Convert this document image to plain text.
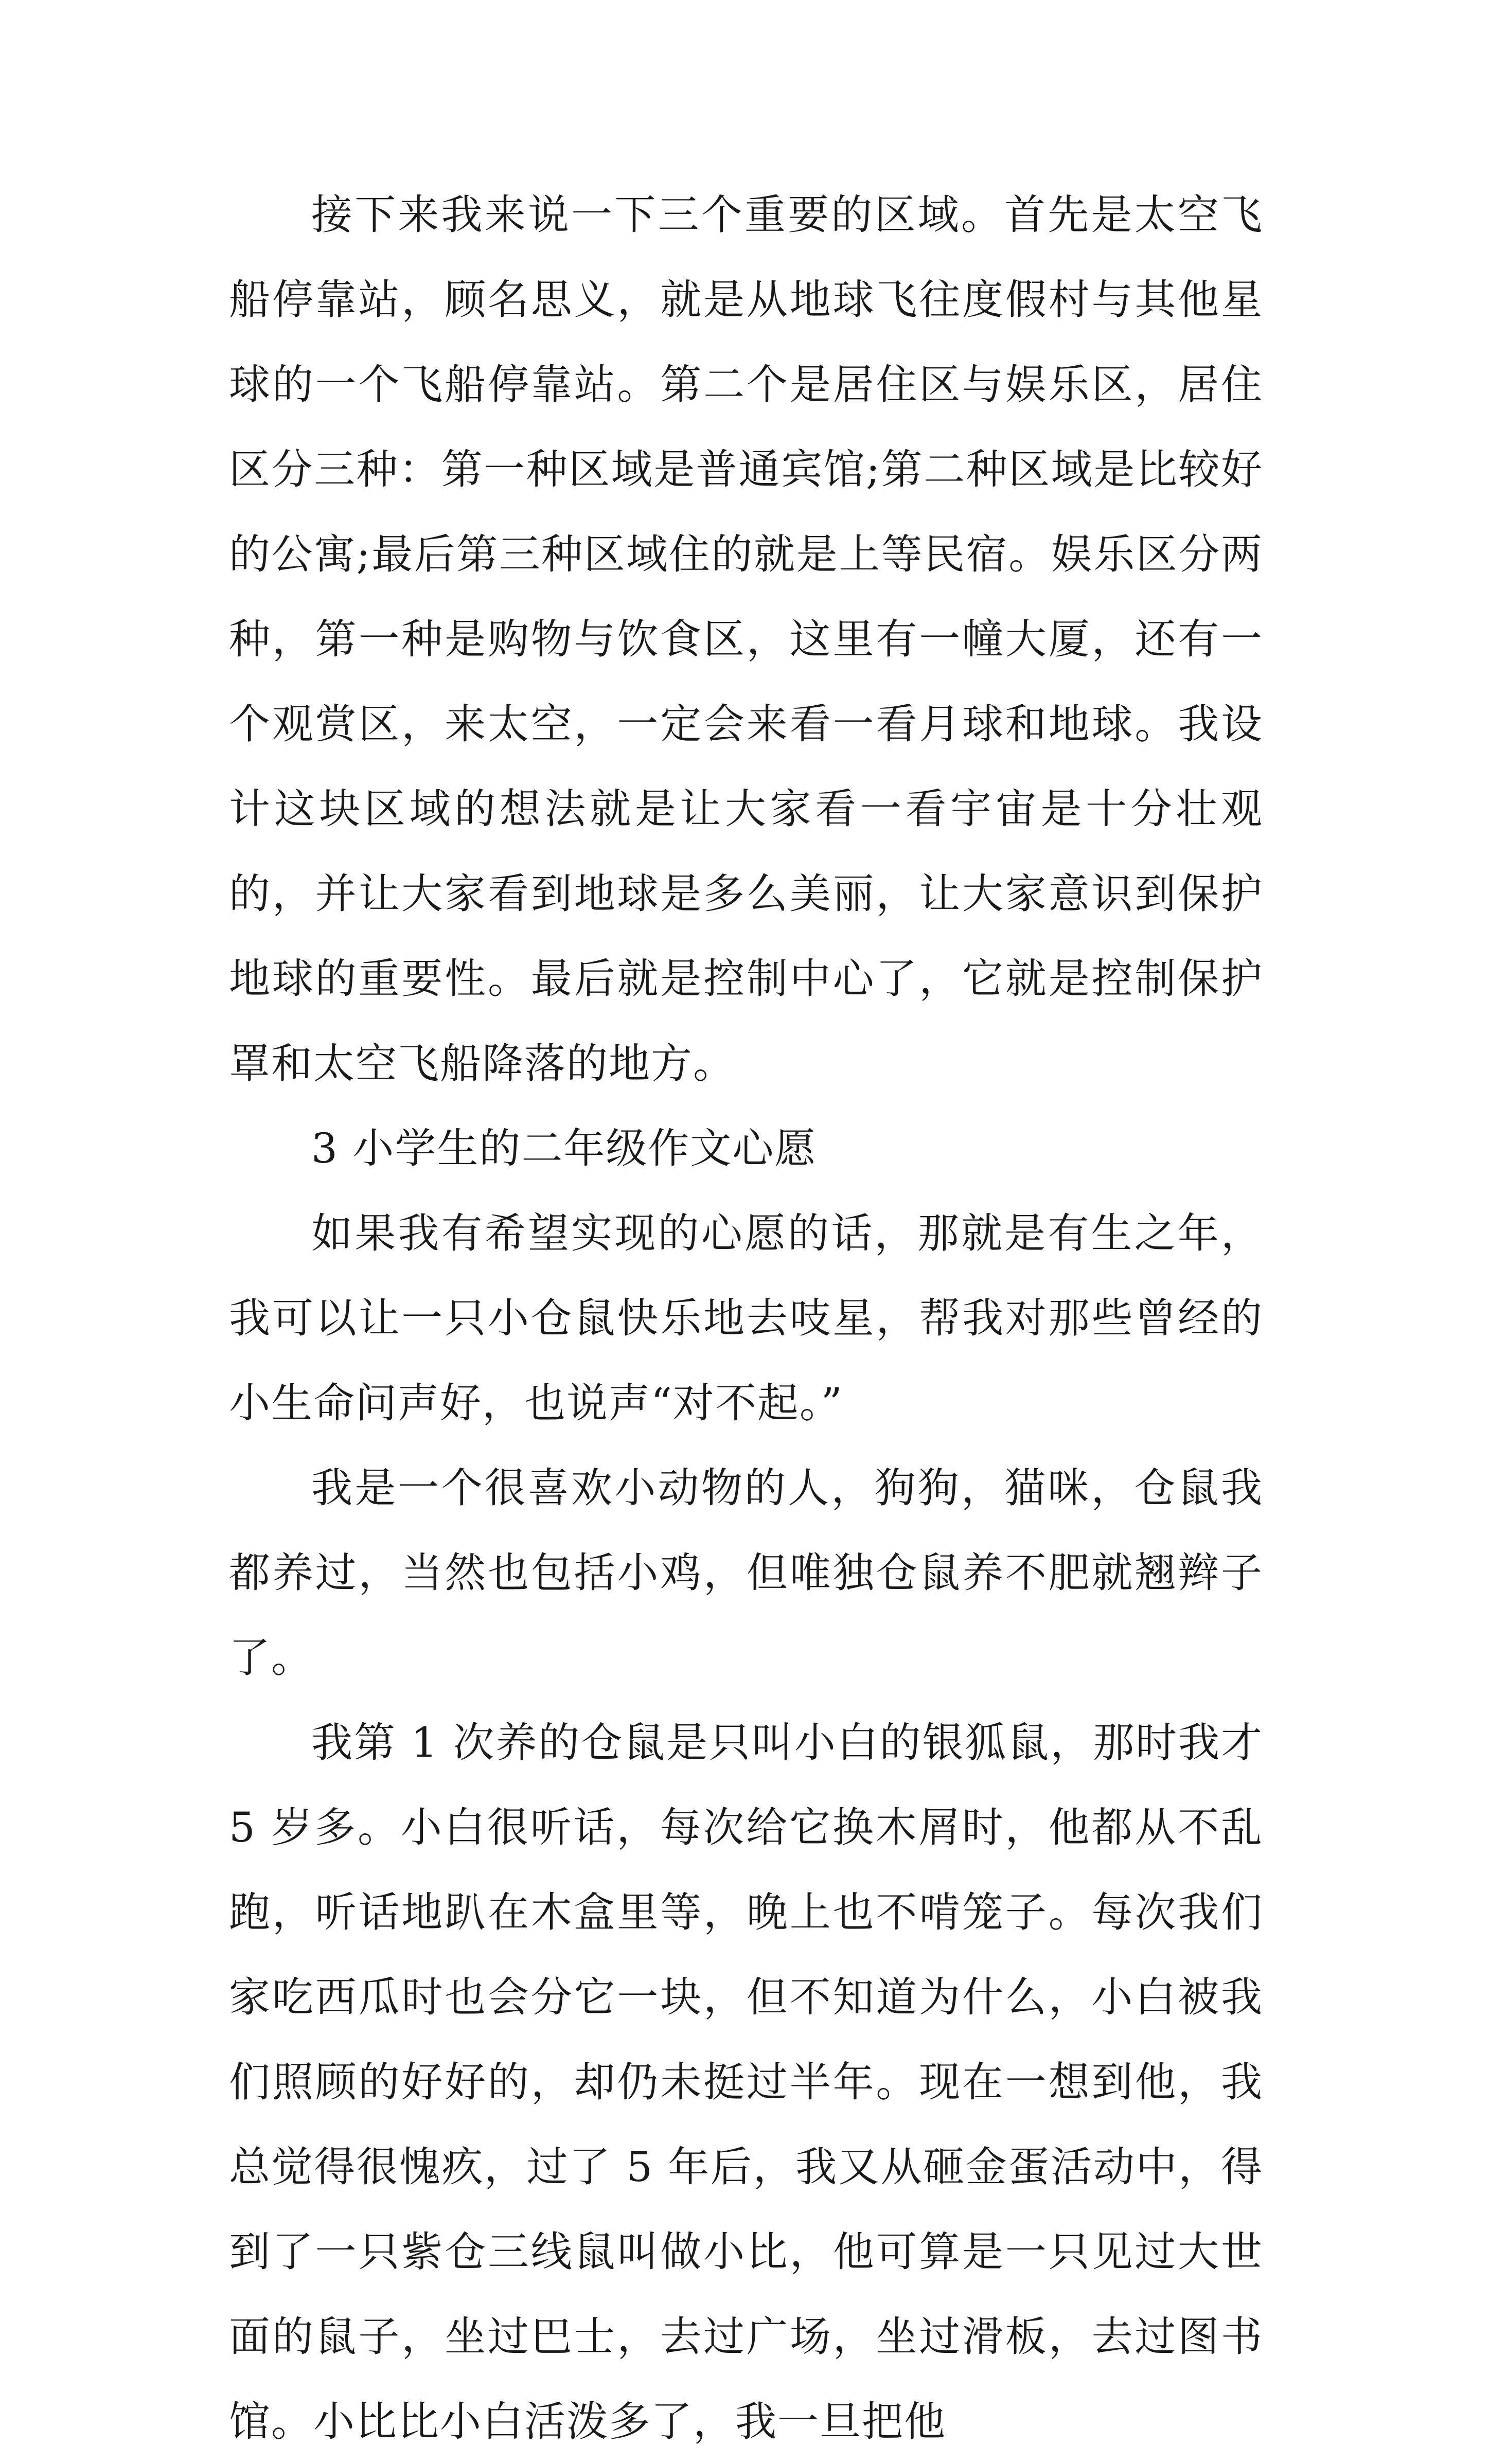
接下来我来说一下三个重要的区域。首先是太空飞船停靠站，顾名思义，就是从地球飞往度假村与其他星球的一个飞船停靠站。第二个是居住区与娱乐区，居住区分三种：第一种区域是普通宾馆;第二种区域是比较好的公寓;最后第三种区域住的就是上等民宿。娱乐区分两种，第一种是购物与饮食区，这里有一幢大厦，还有一个观赏区，来太空，一定会来看一看月球和地球。我设计这块区域的想法就是让大家看一看宇宙是十分壮观的，并让大家看到地球是多么美丽，让大家意识到保护地球的重要性。最后就是控制中心了，它就是控制保护罩和太空飞船降落的地方。

3 小学生的二年级作文心愿

如果我有希望实现的心愿的话，那就是有生之年，我可以让一只小仓鼠快乐地去吱星，帮我对那些曾经的小生命问声好，也说声“对不起。”

我是一个很喜欢小动物的人，狗狗，猫咪，仓鼠我都养过，当然也包括小鸡，但唯独仓鼠养不肥就翘辫子了。

我第 1 次养的仓鼠是只叫小白的银狐鼠，那时我才 5 岁多。小白很听话，每次给它换木屑时，他都从不乱跑，听话地趴在木盒里等，晚上也不啃笼子。每次我们家吃西瓜时也会分它一块，但不知道为什么，小白被我们照顾的好好的，却仍未挺过半年。现在一想到他，我总觉得很愧疚，过了 5 年后，我又从砸金蛋活动中，得到了一只紫仓三线鼠叫做小比，他可算是一只见过大世面的鼠子，坐过巴士，去过广场，坐过滑板，去过图书馆。小比比小白活泼多了，我一旦把他
